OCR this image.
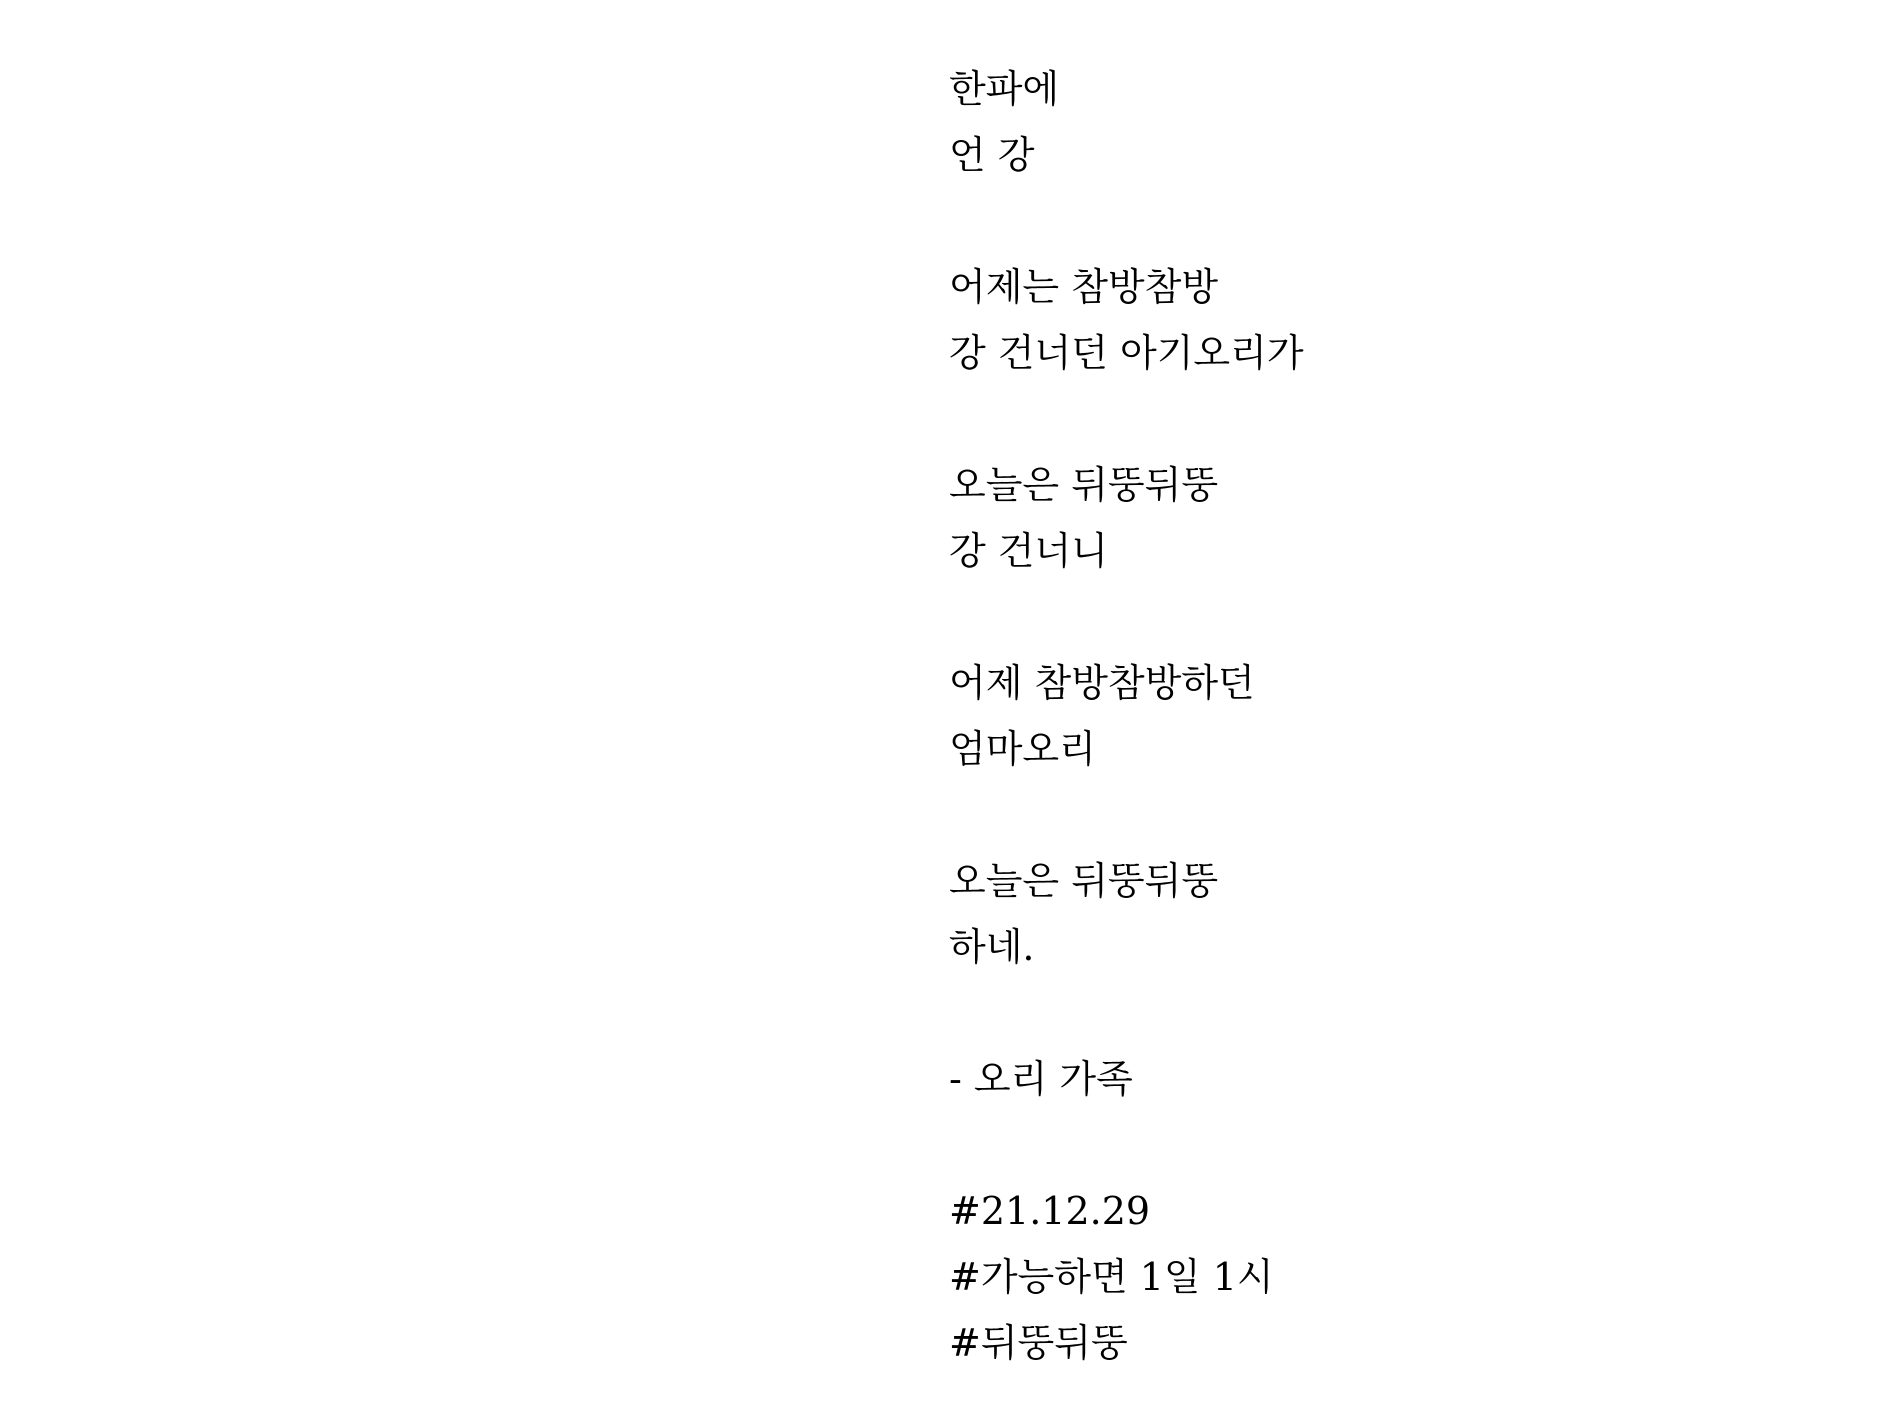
한파에
언 강
어제는 참방참방
강 건너던 아기오리가
오늘은 뒤뚱뒤뚱
강 건너니
어제 참방참방하던
엄마오리
오늘은 뒤뚱뒤뚱
하네.
- 오리 가족
#21.12.29
#가능하면 1일 1시
#뒤뚱뒤뚱
